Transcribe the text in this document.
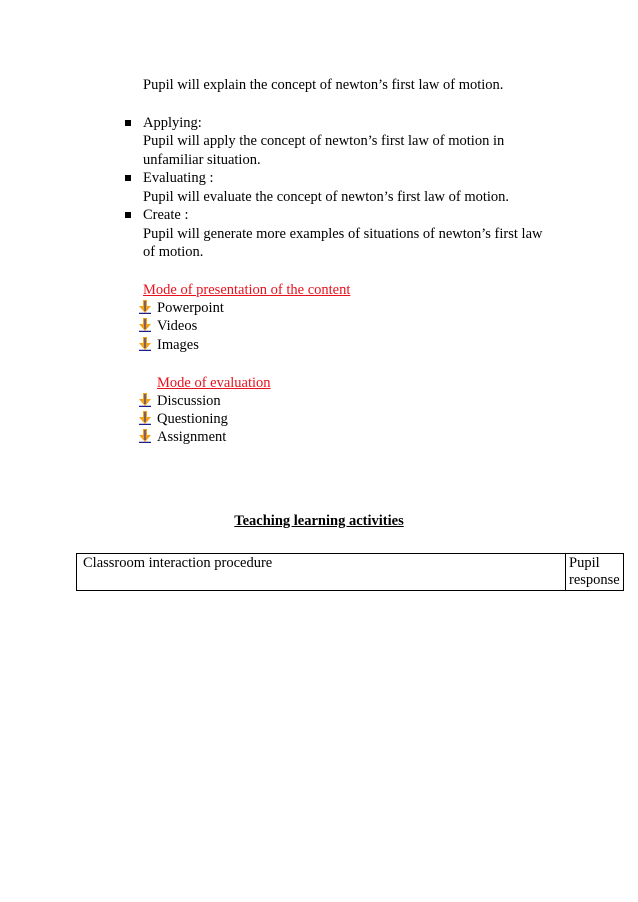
Pupil will explain the concept of newton’s first law of motion.
Applying:
Pupil will apply the concept of newton’s first law of motion in
unfamiliar situation.
Evaluating :
Pupil will evaluate the concept of newton’s first law of motion.
Create :
Pupil will generate more examples of situations of newton’s first law
of motion.
Mode of presentation of the content
Powerpoint
Videos
Images
Mode of evaluation
Discussion
Questioning
Assignment
Teaching learning activities
Classroom interaction procedure	Pupil
response
